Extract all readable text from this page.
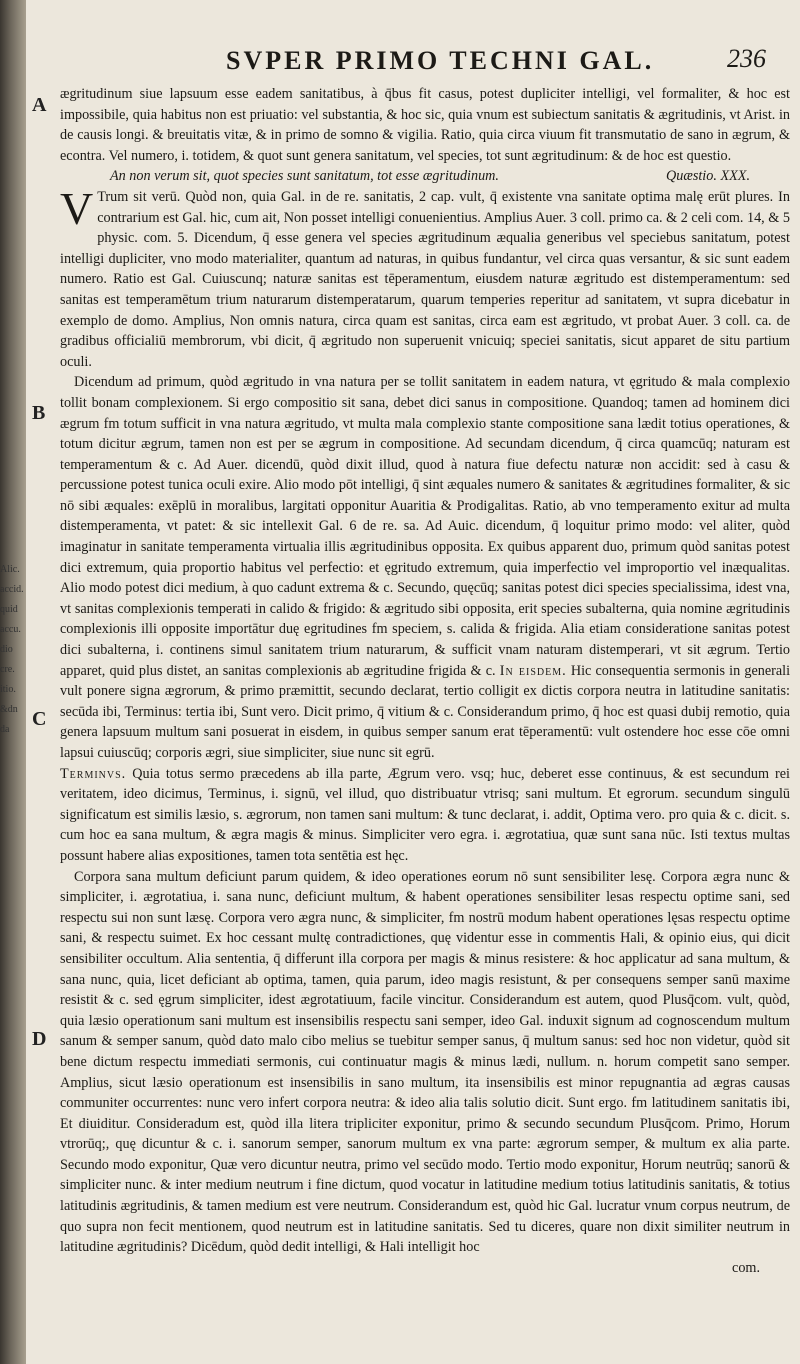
Alic.
accid.
quid
accu.
dio
cre.
itio.
&dn
da
SVPER PRIMO TECHNI GAL.	236
A
B
C
D

ægritudinum siue lapsuum esse eadem sanitatibus, à q̄bus fit casus, potest dupliciter intelligi, vel formaliter, & hoc est impossibile, quia habitus non est priuatio: vel substantia, & hoc sic, quia vnum est subiectum sanitatis & ægritudinis, vt Arist. in de causis longi. & breuitatis vitæ, & in primo de somno & vigilia. Ratio, quia circa viuum fit transmutatio de sano in ægrum, & econtra. Vel numero, i. totidem, & quot sunt genera sanitatum, vel species, tot sunt ægritudinum: & de hoc est questio.

An non verum sit, quot species sunt sanitatum, tot esse ægritudinum.	Quæstio. XXX.

V Trum sit verū. Quòd non, quia Gal. in de re. sanitatis, 2 cap. vult, q̄ existente vna sanitate optima malę erūt plures. In contrarium est Gal. hic, cum ait, Non posset intelligi conuenientius. Amplius Auer. 3 coll. primo ca. & 2 celi com. 14, & 5 physic. com. 5. Dicendum, q̄ esse genera vel species ægritudinum æqualia generibus vel speciebus sanitatum, potest intelligi dupliciter, vno modo materialiter, quantum ad naturas, in quibus fundantur, vel circa quas versantur, & sic sunt eadem numero. Ratio est Gal. Cuiuscunq; naturæ sanitas est tēperamentum, eiusdem naturæ ægritudo est distemperamentum: sed sanitas est temperamētum trium naturarum distemperatarum, quarum temperies reperitur ad sanitatem, vt supra dicebatur in exemplo de domo. Amplius, Non omnis natura, circa quam est sanitas, circa eam est ægritudo, vt probat Auer. 3 coll. ca. de gradibus officialiū membrorum, vbi dicit, q̄ ægritudo non superuenit vnicuiq; speciei sanitatis, sicut apparet de situ partium oculi.

Dicendum ad primum, quòd ægritudo in vna natura per se tollit sanitatem in eadem natura, vt ęgritudo & mala complexio tollit bonam complexionem. Si ergo compositio sit sana, debet dici sanus in compositione. Quandoq; tamen ad hominem dici ægrum fm totum sufficit in vna natura ægritudo, vt multa mala complexio stante compositione sana lædit totius operationes, & totum dicitur ægrum, tamen non est per se ægrum in compositione. Ad secundam dicendum, q̄ circa quamcūq; naturam est temperamentum & c. Ad Auer. dicendū, quòd dixit illud, quod à natura fiue defectu naturæ non accidit: sed à casu & percussione potest tunica oculi exire. Alio modo pōt intelligi, q̄ sint æquales numero & sanitates & ægritudines formaliter, & sic nō sibi æquales: exēplū in moralibus, largitati opponitur Auaritia & Prodigalitas. Ratio, ab vno temperamento exitur ad multa distemperamenta, vt patet: & sic intellexit Gal. 6 de re. sa. Ad Auic. dicendum, q̄ loquitur primo modo: vel aliter, quòd imaginatur in sanitate temperamenta virtualia illis ægritudinibus opposita. Ex quibus apparent duo, primum quòd sanitas potest dici extremum, quia proportio habitus vel perfectio: et ęgritudo extremum, quia imperfectio vel improportio vel inæqualitas. Alio modo potest dici medium, à quo cadunt extrema & c. Secundo, quęcūq; sanitas potest dici species specialissima, idest vna, vt sanitas complexionis temperati in calido & frigido: & ægritudo sibi opposita, erit species subalterna, quia nomine ægritudinis complexionis illi opposite importātur duę egritudines fm speciem, s. calida & frigida. Alia etiam consideratione sanitas potest dici subalterna, i. continens simul sanitatem trium naturarum, & sufficit vnam naturam distemperari, vt sit ægrum. Tertio apparet, quid plus distet, an sanitas complexionis ab ægritudine frigida & c. In eisdem. Hic consequentia sermonis in generali vult ponere signa ægrorum, & primo præmittit, secundo declarat, tertio colligit ex dictis corpora neutra in latitudine sanitatis: secūda ibi, Terminus: tertia ibi, Sunt vero. Dicit primo, q̄ vitium & c. Considerandum primo, q̄ hoc est quasi dubij remotio, quia genera lapsuum multum sani posuerat in eisdem, in quibus semper sanum erat tēperamentū: vult ostendere hoc esse cōe omni lapsui cuiuscūq; corporis ægri, siue simpliciter, siue nunc sit egrū.

Terminvs. Quia totus sermo præcedens ab illa parte, Ægrum vero. vsq; huc, deberet esse continuus, & est secundum rei veritatem, ideo dicimus, Terminus, i. signū, vel illud, quo distribuatur vtrisq; sani multum. Et egrorum. secundum singulū significatum est similis læsio, s. ægrorum, non tamen sani multum: & tunc declarat, i. addit, Optima vero. pro quia & c. dicit. s. cum hoc ea sana multum, & ægra magis & minus. Simpliciter vero egra. i. ægrotatiua, quæ sunt sana nūc. Isti textus multas possunt habere alias expositiones, tamen tota sentētia est hęc.

Corpora sana multum deficiunt parum quidem, & ideo operationes eorum nō sunt sensibiliter lesę. Corpora ægra nunc & simpliciter, i. ægrotatiua, i. sana nunc, deficiunt multum, & habent operationes sensibiliter lesas respectu optime sani, sed respectu sui non sunt læsę. Corpora vero ægra nunc, & simpliciter, fm nostrū modum habent operationes lęsas respectu optime sani, & respectu suimet. Ex hoc cessant multę contradictiones, quę videntur esse in commentis Hali, & opinio eius, qui dicit sensibiliter occultum. Alia sententia, q̄ differunt illa corpora per magis & minus resistere: & hoc applicatur ad sana multum, & sana nunc, quia, licet deficiant ab optima, tamen, quia parum, ideo magis resistunt, & per consequens semper sanū maxime resistit & c. sed ęgrum simpliciter, idest ægrotatiuum, facile vincitur. Considerandum est autem, quod Plusq̄com. vult, quòd, quia læsio operationum sani multum est insensibilis respectu sani semper, ideo Gal. induxit signum ad cognoscendum multum sanum & semper sanum, quòd dato malo cibo melius se tuebitur semper sanus, q̄ multum sanus: sed hoc non videtur, quòd sit bene dictum respectu immediati sermonis, cui continuatur magis & minus lædi, nullum. n. horum competit sano semper. Amplius, sicut læsio operationum est insensibilis in sano multum, ita insensibilis est minor repugnantia ad ægras causas communiter occurrentes: nunc vero infert corpora neutra: & ideo alia talis solutio dicit. Sunt ergo. fm latitudinem sanitatis ibi, Et diuiditur. Consideradum est, quòd illa litera tripliciter exponitur, primo & secundo secundum Plusq̄com. Primo, Horum vtrorūq;, quę dicuntur & c. i. sanorum semper, sanorum multum ex vna parte: ægrorum semper, & multum ex alia parte. Secundo modo exponitur, Quæ vero dicuntur neutra, primo vel secūdo modo. Tertio modo exponitur, Horum neutrūq; sanorū & simpliciter nunc. & inter medium neutrum i fine dictum, quod vocatur in latitudine medium totius latitudinis sanitatis, & totius latitudinis ægritudinis, & tamen medium est vere neutrum. Considerandum est, quòd hic Gal. lucratur vnum corpus neutrum, de quo supra non fecit mentionem, quod neutrum est in latitudine sanitatis. Sed tu diceres, quare non dixit similiter neutrum in latitudine ægritudinis? Dicēdum, quòd dedit intelligi, & Hali intelligit hoc

com.
